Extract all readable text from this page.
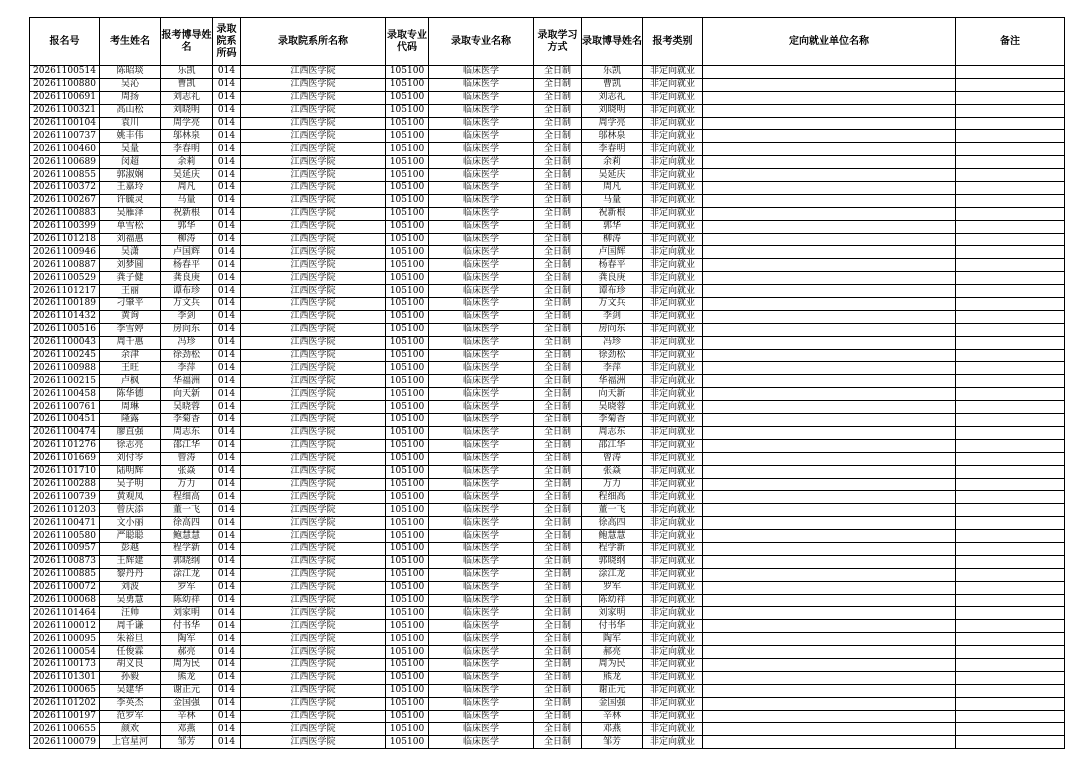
报名号	考生姓名	报考博导姓名	录取院系所码	录取院系所名称	录取专业代码	录取专业名称	录取学习方式	录取博导姓名	报考类别	定向就业单位名称	备注
20261100514	陈昭琰	乐凯	014	江西医学院	105100	临床医学	全日制	乐凯	非定向就业		
20261100880	吴沁	曹凯	014	江西医学院	105100	临床医学	全日制	曹凯	非定向就业		
20261100691	周扬	刘志礼	014	江西医学院	105100	临床医学	全日制	刘志礼	非定向就业		
20261100321	高山松	刘晓明	014	江西医学院	105100	临床医学	全日制	刘晓明	非定向就业		
20261100104	袁川	周学亮	014	江西医学院	105100	临床医学	全日制	周学亮	非定向就业		
20261100737	姚丰伟	邬林泉	014	江西医学院	105100	临床医学	全日制	邬林泉	非定向就业		
20261100460	吴量	李春明	014	江西医学院	105100	临床医学	全日制	李春明	非定向就业		
20261100689	闵超	余莉	014	江西医学院	105100	临床医学	全日制	余莉	非定向就业		
20261100855	郭淑娴	吴延庆	014	江西医学院	105100	临床医学	全日制	吴延庆	非定向就业		
20261100372	王嘉玲	周凡	014	江西医学院	105100	临床医学	全日制	周凡	非定向就业		
20261100267	许毓灵	马量	014	江西医学院	105100	临床医学	全日制	马量	非定向就业		
20261100883	吴雁泽	祝新根	014	江西医学院	105100	临床医学	全日制	祝新根	非定向就业		
20261100399	单雪松	郭华	014	江西医学院	105100	临床医学	全日制	郭华	非定向就业		
20261101218	刘福惠	柳涛	014	江西医学院	105100	临床医学	全日制	柳涛	非定向就业		
20261100946	吴潇	卢国辉	014	江西医学院	105100	临床医学	全日制	卢国辉	非定向就业		
20261100887	刘梦圆	杨春平	014	江西医学院	105100	临床医学	全日制	杨春平	非定向就业		
20261100529	龚子健	龚良庚	014	江西医学院	105100	临床医学	全日制	龚良庚	非定向就业		
20261101217	王丽	谭布珍	014	江西医学院	105100	临床医学	全日制	谭布珍	非定向就业		
20261100189	刁肇平	万文兵	014	江西医学院	105100	临床医学	全日制	万文兵	非定向就业		
20261101432	黄询	李剑	014	江西医学院	105100	临床医学	全日制	李剑	非定向就业		
20261100516	李雪婷	房向东	014	江西医学院	105100	临床医学	全日制	房向东	非定向就业		
20261100043	周千惠	冯珍	014	江西医学院	105100	临床医学	全日制	冯珍	非定向就业		
20261100245	余津	徐劲松	014	江西医学院	105100	临床医学	全日制	徐劲松	非定向就业		
20261100988	王旺	李萍	014	江西医学院	105100	临床医学	全日制	李萍	非定向就业		
20261100215	卢枫	华福洲	014	江西医学院	105100	临床医学	全日制	华福洲	非定向就业		
20261100458	陈华德	向天新	014	江西医学院	105100	临床医学	全日制	向天新	非定向就业		
20261100761	周琳	吴晓蓉	014	江西医学院	105100	临床医学	全日制	吴晓蓉	非定向就业		
20261100451	隆露	李菊香	014	江西医学院	105100	临床医学	全日制	李菊香	非定向就业		
20261100474	廖直强	周志东	014	江西医学院	105100	临床医学	全日制	周志东	非定向就业		
20261101276	徐志亮	邵江华	014	江西医学院	105100	临床医学	全日制	邵江华	非定向就业		
20261101669	刘付岑	曾涛	014	江西医学院	105100	临床医学	全日制	曾涛	非定向就业		
20261101710	陆明辉	张焱	014	江西医学院	105100	临床医学	全日制	张焱	非定向就业		
20261100288	吴子明	万力	014	江西医学院	105100	临床医学	全日制	万力	非定向就业		
20261100739	黄观凤	程细高	014	江西医学院	105100	临床医学	全日制	程细高	非定向就业		
20261101203	曾庆添	董一飞	014	江西医学院	105100	临床医学	全日制	董一飞	非定向就业		
20261100471	文小丽	徐高四	014	江西医学院	105100	临床医学	全日制	徐高四	非定向就业		
20261100580	严聪聪	鲍慧慧	014	江西医学院	105100	临床医学	全日制	鲍慧慧	非定向就业		
20261100957	彭越	程学新	014	江西医学院	105100	临床医学	全日制	程学新	非定向就业		
20261100873	王辉建	郭晓纲	014	江西医学院	105100	临床医学	全日制	郭晓纲	非定向就业		
20261100885	黎丹丹	涂江龙	014	江西医学院	105100	临床医学	全日制	涂江龙	非定向就业		
20261100072	刘波	罗军	014	江西医学院	105100	临床医学	全日制	罗军	非定向就业		
20261100068	吴勇慧	陈幼祥	014	江西医学院	105100	临床医学	全日制	陈幼祥	非定向就业		
20261101464	汪帅	刘家明	014	江西医学院	105100	临床医学	全日制	刘家明	非定向就业		
20261100012	周千谦	付书华	014	江西医学院	105100	临床医学	全日制	付书华	非定向就业		
20261100095	朱裕旦	陶军	014	江西医学院	105100	临床医学	全日制	陶军	非定向就业		
20261100054	任俊霖	郝亮	014	江西医学院	105100	临床医学	全日制	郝亮	非定向就业		
20261100173	胡义良	周为民	014	江西医学院	105100	临床医学	全日制	周为民	非定向就业		
20261101301	孙毅	熊龙	014	江西医学院	105100	临床医学	全日制	熊龙	非定向就业		
20261100065	吴建华	谢正元	014	江西医学院	105100	临床医学	全日制	谢正元	非定向就业		
20261101202	李英杰	金国强	014	江西医学院	105100	临床医学	全日制	金国强	非定向就业		
20261100197	范罗军	辛林	014	江西医学院	105100	临床医学	全日制	辛林	非定向就业		
20261100655	颜欢	邓燕	014	江西医学院	105100	临床医学	全日制	邓燕	非定向就业		
20261100079	上官星河	邹芳	014	江西医学院	105100	临床医学	全日制	邹芳	非定向就业		
